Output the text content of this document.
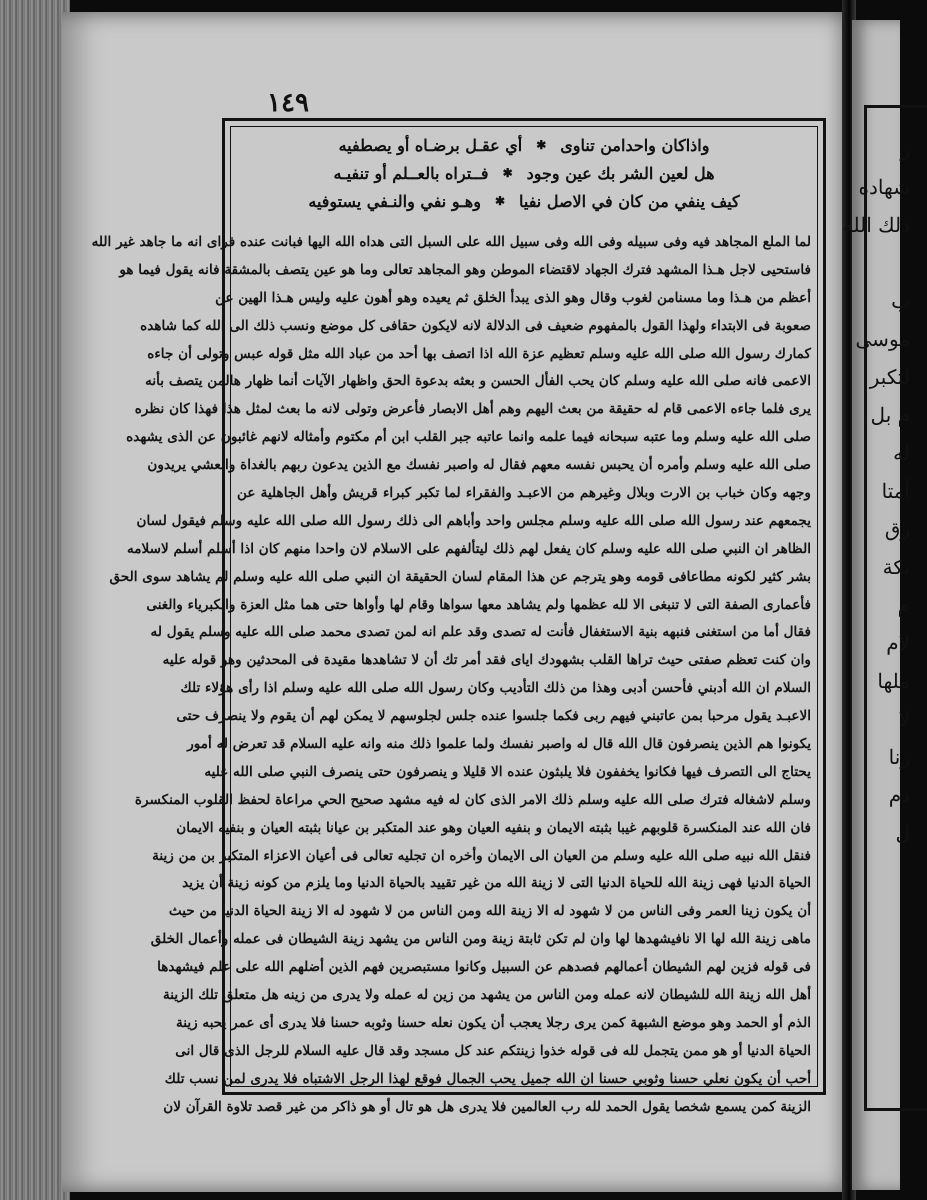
ر
شهاده
ذلك الله
ب
موسى
لتكبر
م بل
له
أمتا
رق
ىكة
م
لام
ملها
لا
رنا
دم
ل
١٤٩
واذاكان واحدامن تناوى
✱
أي عقـل برضـاه أو يصطفيه
هل لعين الشر بك عين وجود
✱
فــتراه بالعــلم أو تنفيـه
كيف ينفي من كان في الاصل نفيا
✱
وهـو نفي والنـفي يستوفيه
لما الملع المجاهد فيه وفى سبيله وفى الله وفى سبيل الله على السبل التى هداه الله اليها فبانت عنده فراى انه ما جاهد غير الله
فاستحيى لاجل هـذا المشهد فترك الجهاد لاقتضاء الموطن وهو المجاهد تعالى وما هو عين يتصف بالمشقة فانه يقول فيما هو
أعظم من هـذا وما مسنامن لغوب وقال وهو الذى يبدأ الخلق ثم يعيده وهو أهون عليه وليس هـذا الهين عن
صعوبة فى الابتداء ولهذا القول بالمفهوم ضعيف فى الدلالة لانه لايكون حقافى كل موضع ونسب ذلك الى الله كما شاهده
كمارك رسول الله صلى الله عليه وسلم تعظيم عزة الله اذا اتصف بها أحد من عباد الله مثل قوله عبس وتولى أن جاءه
الاعمى فانه صلى الله عليه وسلم كان يحب الفأل الحسن و بعثه بدعوة الحق واظهار الآيات أنما ظهار هالمن يتصف بأنه
يرى فلما جاءه الاعمى قام له حقيقة من بعث اليهم وهم أهل الابصار فأعرض وتولى لانه ما بعث لمثل هذا فهذا كان نظره
صلى الله عليه وسلم وما عتبه سبحانه فيما علمه وانما عاتبه جبر القلب ابن أم مكتوم وأمثاله لانهم غائبون عن الذى يشهده
صلى الله عليه وسلم وأمره أن يحبس نفسه معهم فقال له واصبر نفسك مع الذين يدعون ربهم بالغداة والعشي يريدون
وجهه وكان خباب بن الارت وبلال وغيرهم من الاعبـد والفقراء لما تكبر كبراء قريش وأهل الجاهلية عن
يجمعهم عند رسول الله صلى الله عليه وسلم مجلس واحد وأباهم الى ذلك رسول الله صلى الله عليه وسلم فيقول لسان
الظاهر ان النبي صلى الله عليه وسلم كان يفعل لهم ذلك ليتألفهم على الاسلام لان واحدا منهم كان اذا أسلم أسلم لاسلامه
بشر كثير لكونه مطاعافى قومه وهو يترجم عن هذا المقام لسان الحقيقة ان النبي صلى الله عليه وسلم لم يشاهد سوى الحق
فأعمارى الصفة التى لا تنبغى الا لله عظمها ولم يشاهد معها سواها وقام لها وأواها حتى هما مثل العزة والكبرياء والغنى
فقال أما من استغنى فنبهه بنية الاستغفال فأنت له تصدى وقد علم انه لمن تصدى محمد صلى الله عليه وسلم يقول له
وان كنت تعظم صفتى حيث تراها القلب بشهودك اياى فقد أمر تك أن لا تشاهدها مقيدة فى المحدثين وهو قوله عليه
السلام ان الله أدبني فأحسن أدبى وهذا من ذلك التأديب وكان رسول الله صلى الله عليه وسلم اذا رأى هؤلاء تلك
الاعبـد يقول مرحبا بمن عاتبني فيهم ربى فكما جلسوا عنده جلس لجلوسهم لا يمكن لهم أن يقوم ولا ينصرف حتى
يكونوا هم الذين ينصرفون قال الله قال له واصبر نفسك ولما علموا ذلك منه وانه عليه السلام قد تعرض له أمور
يحتاج الى التصرف فيها فكانوا يخففون فلا يلبثون عنده الا قليلا و ينصرفون حتى ينصرف النبي صلى الله عليه
وسلم لاشغاله فترك صلى الله عليه وسلم ذلك الامر الذى كان له فيه مشهد صحيح الحي مراعاة لحفظ القلوب المنكسرة
فان الله عند المنكسرة قلوبهم غيبا بثبته الايمان و بنفيه العيان وهو عند المتكبر بن عيانا بثبته العيان و بنفيه الايمان
فنقل الله نبيه صلى الله عليه وسلم من العيان الى الايمان وأخره ان تجليه تعالى فى أعيان الاعزاء المتكبر بن من زينة
الحياة الدنيا فهى زينة الله للحياة الدنيا التى لا زينة الله من غير تقييد بالحياة الدنيا وما يلزم من كونه زينة أن يزيد
أن يكون زينا العمر وفى الناس من لا شهود له الا زينة الله ومن الناس من لا شهود له الا زينة الحياة الدنيا من حيث
ماهى زينة الله لها الا نافيشهدها لها وان لم تكن ثابتة زينة ومن الناس من يشهد زينة الشيطان فى عمله وأعمال الخلق
فى قوله فزين لهم الشيطان أعمالهم فصدهم عن السبيل وكانوا مستبصرين فهم الذين أضلهم الله على علم فيشهدها
أهل الله زينة الله للشيطان لانه عمله ومن الناس من يشهد من زين له عمله ولا يدرى من زينه هل متعلق تلك الزينة
الذم أو الحمد وهو موضع الشبهة كمن يرى رجلا يعجب أن يكون نعله حسنا وثوبه حسنا فلا يدرى أى عمر يحبه زينة
الحياة الدنيا أو هو ممن يتجمل لله فى قوله خذوا زينتكم عند كل مسجد وقد قال عليه السلام للرجل الذى قال انى
أحب أن يكون نعلي حسنا وثوبي حسنا ان الله جميل يحب الجمال فوقع لهذا الرجل الاشتباه فلا يدرى لمن نسب تلك
الزينة كمن يسمع شخصا يقول الحمد لله رب العالمين فلا يدرى هل هو تال أو هو ذاكر من غير قصد تلاوة القرآن لان
